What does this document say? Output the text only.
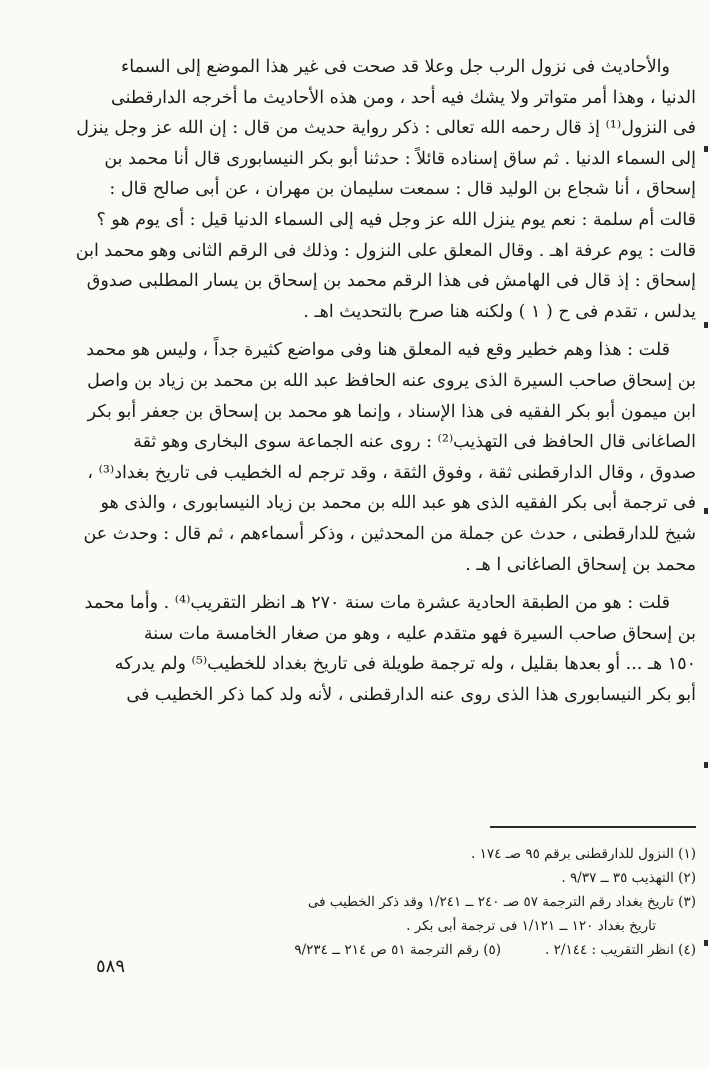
والأحاديث فى نزول الرب جل وعلا قد صحت فى غير هذا الموضع إلى السماء
الدنيا ، وهذا أمر متواتر ولا يشك فيه أحد ، ومن هذه الأحاديث ما أخرجه الدارقطنى
فى النزول⁽¹⁾ إذ قال رحمه الله تعالى : ذكر رواية حديث من قال : إن الله عز وجل ينزل
إلى السماء الدنيا . ثم ساق إسناده قائلاً : حدثنا أبو بكر النيسابورى قال أنا محمد بن
إسحاق ، أنا شجاع بن الوليد قال : سمعت سليمان بن مهران ، عن أبى صالح قال :
قالت أم سلمة : نعم يوم ينزل الله عز وجل فيه إلى السماء الدنيا قيل : أى يوم هو ؟
قالت : يوم عرفة اهـ . وقال المعلق على النزول : وذلك فى الرقم الثانى وهو محمد ابن
إسحاق : إذ قال فى الهامش فى هذا الرقم محمد بن إسحاق بن يسار المطلبى صدوق
يدلس ، تقدم فى ح ( ١ ) ولكنه هنا صرح بالتحديث اهـ .

قلت : هذا وهم خطير وقع فيه المعلق هنا وفى مواضع كثيرة جداً ، وليس هو محمد
بن إسحاق صاحب السيرة الذى يروى عنه الحافظ عبد الله بن محمد بن زياد بن واصل
ابن ميمون أبو بكر الفقيه فى هذا الإسناد ، وإنما هو محمد بن إسحاق بن جعفر أبو بكر
الصاغانى قال الحافظ فى التهذيب⁽²⁾ : روى عنه الجماعة سوى البخارى وهو ثقة
صدوق ، وقال الدارقطنى ثقة ، وفوق الثقة ، وقد ترجم له الخطيب فى تاريخ بغداد⁽³⁾ ،
فى ترجمة أبى بكر الفقيه الذى هو عبد الله بن محمد بن زياد النيسابورى ، والذى هو
شيخ للدارقطنى ، حدث عن جملة من المحدثين ، وذكر أسماءهم ، ثم قال : وحدث عن
محمد بن إسحاق الصاغانى ا هـ .

قلت : هو من الطبقة الحادية عشرة مات سنة ٢٧٠ هـ انظر التقريب⁽⁴⁾ . وأما محمد
بن إسحاق صاحب السيرة فهو متقدم عليه ، وهو من صغار الخامسة مات سنة
١٥٠ هـ ... أو بعدها بقليل ، وله ترجمة طويلة فى تاريخ بغداد للخطيب⁽⁵⁾ ولم يدركه
أبو بكر النيسابورى هذا الذى روى عنه الدارقطنى ، لأنه ولد كما ذكر الخطيب فى

(١) النزول للدارقطنى برقم ٩٥ صـ ١٧٤ .
(٢) التهذيب ٣٥ ــ ٩/٣٧ .
(٣) تاريخ بغداد رقم الترجمة ٥٧ صـ ٢٤٠ ــ ١/٢٤١ وقد ذكر الخطيب فى
تاريخ بغداد ١٢٠ ــ ١/١٢١ فى ترجمة أبى بكر .
(٤) انظر التقريب : ٢/١٤٤ .
(٥) رقم الترجمة ٥١ ص ٢١٤ ــ ٩/٢٣٤
٥٨٩
